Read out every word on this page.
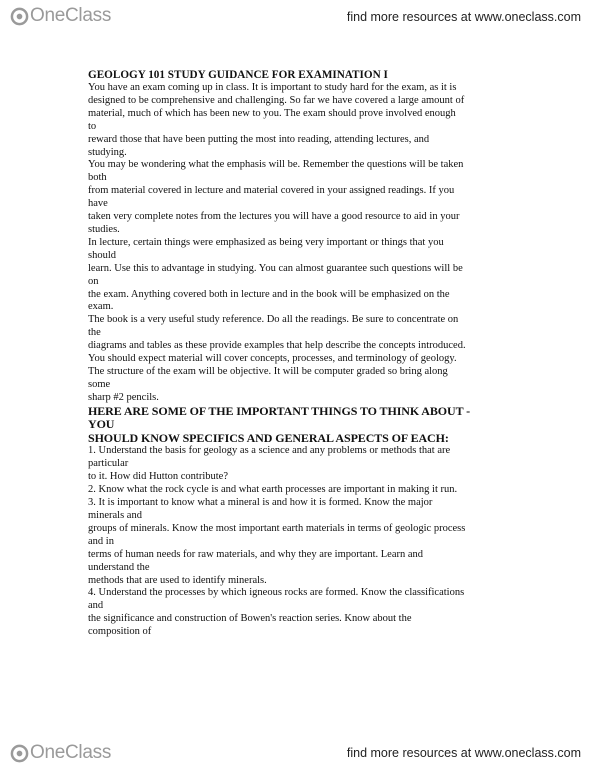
OneClass	find more resources at www.oneclass.com
GEOLOGY 101 STUDY GUIDANCE FOR EXAMINATION I
You have an exam coming up in class. It is important to study hard for the exam, as it is
designed to be comprehensive and challenging. So far we have covered a large amount of
material, much of which has been new to you. The exam should prove involved enough
to
reward those that have been putting the most into reading, attending lectures, and
studying.
You may be wondering what the emphasis will be. Remember the questions will be taken
both
from material covered in lecture and material covered in your assigned readings. If you
have
taken very complete notes from the lectures you will have a good resource to aid in your
studies.
In lecture, certain things were emphasized as being very important or things that you
should
learn. Use this to advantage in studying. You can almost guarantee such questions will be
on
the exam. Anything covered both in lecture and in the book will be emphasized on the
exam.
The book is a very useful study reference. Do all the readings. Be sure to concentrate on
the
diagrams and tables as these provide examples that help describe the concepts introduced.
You should expect material will cover concepts, processes, and terminology of geology.
The structure of the exam will be objective. It will be computer graded so bring along
some
sharp #2 pencils.
HERE ARE SOME OF THE IMPORTANT THINGS TO THINK ABOUT -
YOU
SHOULD KNOW SPECIFICS AND GENERAL ASPECTS OF EACH:
1. Understand the basis for geology as a science and any problems or methods that are
particular
to it. How did Hutton contribute?
2. Know what the rock cycle is and what earth processes are important in making it run.
3. It is important to know what a mineral is and how it is formed. Know the major
minerals and
groups of minerals. Know the most important earth materials in terms of geologic process
and in
terms of human needs for raw materials, and why they are important. Learn and
understand the
methods that are used to identify minerals.
4. Understand the processes by which igneous rocks are formed. Know the classifications
and
the significance and construction of Bowen's reaction series. Know about the
composition of
OneClass	find more resources at www.oneclass.com
